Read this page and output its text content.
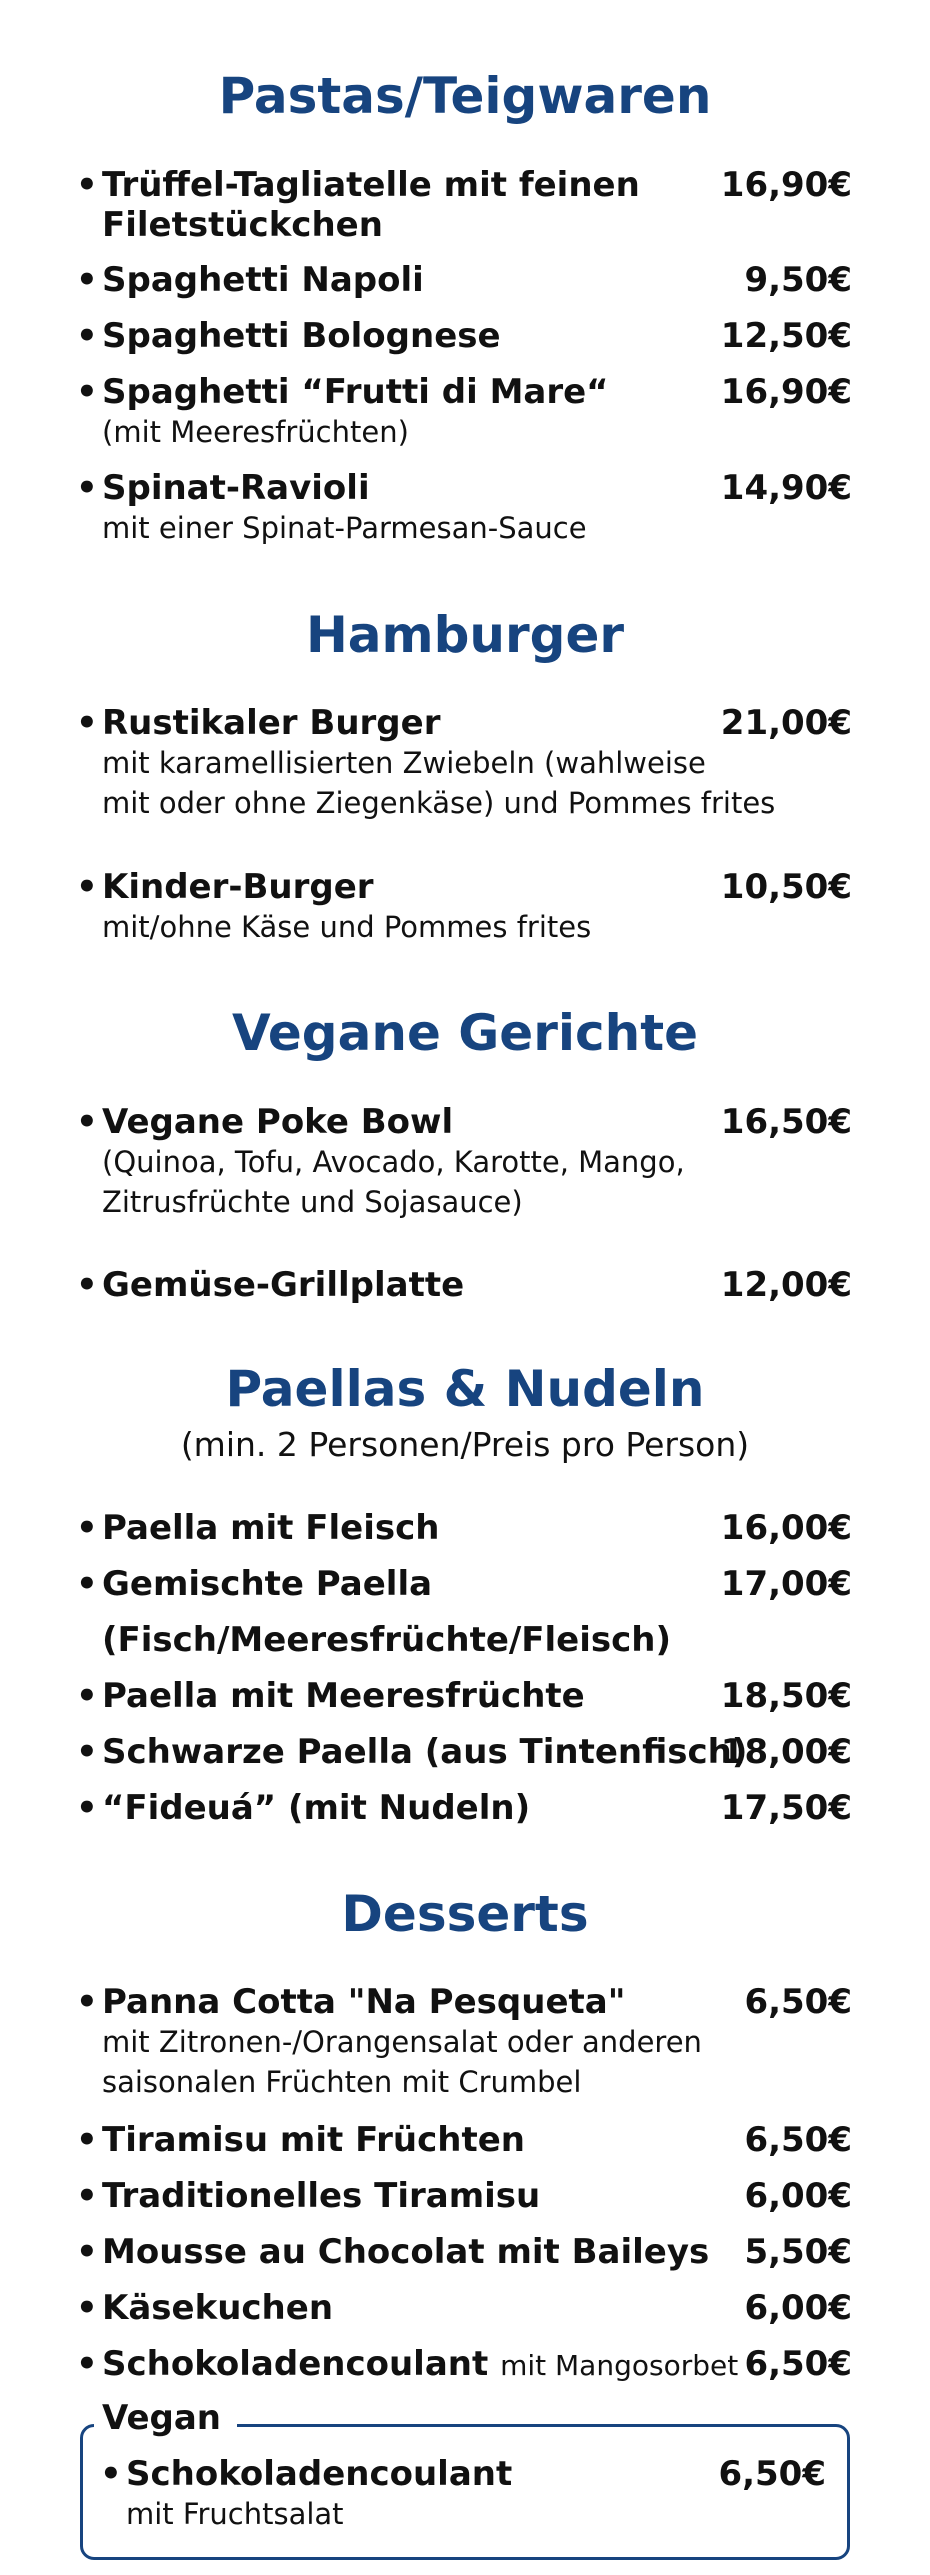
Pastas/Teigwaren
• Trüffel-Tagliatelle mit feinen 16,90€
Filetstückchen
• Spaghetti Napoli	9,50€
• Spaghetti Bolognese	12,50€
• Spaghetti “Frutti di Mare“	16,90€
(mit Meeresfrüchten)
• Spinat-Ravioli	14,90€
mit einer Spinat-Parmesan-Sauce
Hamburger
• Rustikaler Burger	21,00€
mit karamellisierten Zwiebeln (wahlweise
mit oder ohne Ziegenkäse) und Pommes frites
• Kinder-Burger	10,50€
mit/ohne Käse und Pommes frites
Vegane Gerichte
• Vegane Poke Bowl	16,50€
(Quinoa, Tofu, Avocado, Karotte, Mango,
Zitrusfrüchte und Sojasauce)
• Gemüse-Grillplatte	12,00€
Paellas & Nudeln
(min. 2 Personen/Preis pro Person)
• Paella mit Fleisch	16,00€
• Gemischte Paella	17,00€
(Fisch/Meeresfrüchte/Fleisch)
• Paella mit Meeresfrüchte	18,50€
• Schwarze Paella (aus Tintenfisch)
18,00€
• “Fideuá” (mit Nudeln)	17,50€
Desserts
• Panna Cotta "Na Pesqueta"	6,50€
mit Zitronen-/Orangensalat oder anderen
saisonalen Früchten mit Crumbel
• Tiramisu mit Früchten	6,50€
• Traditionelles Tiramisu	6,00€
• Mousse au Chocolat mit Baileys 5,50€
• Käsekuchen	6,00€
• Schokoladencoulant mit Mangosorbet 6,50€
Vegan
• Schokoladencoulant	6,50€
mit Fruchtsalat
